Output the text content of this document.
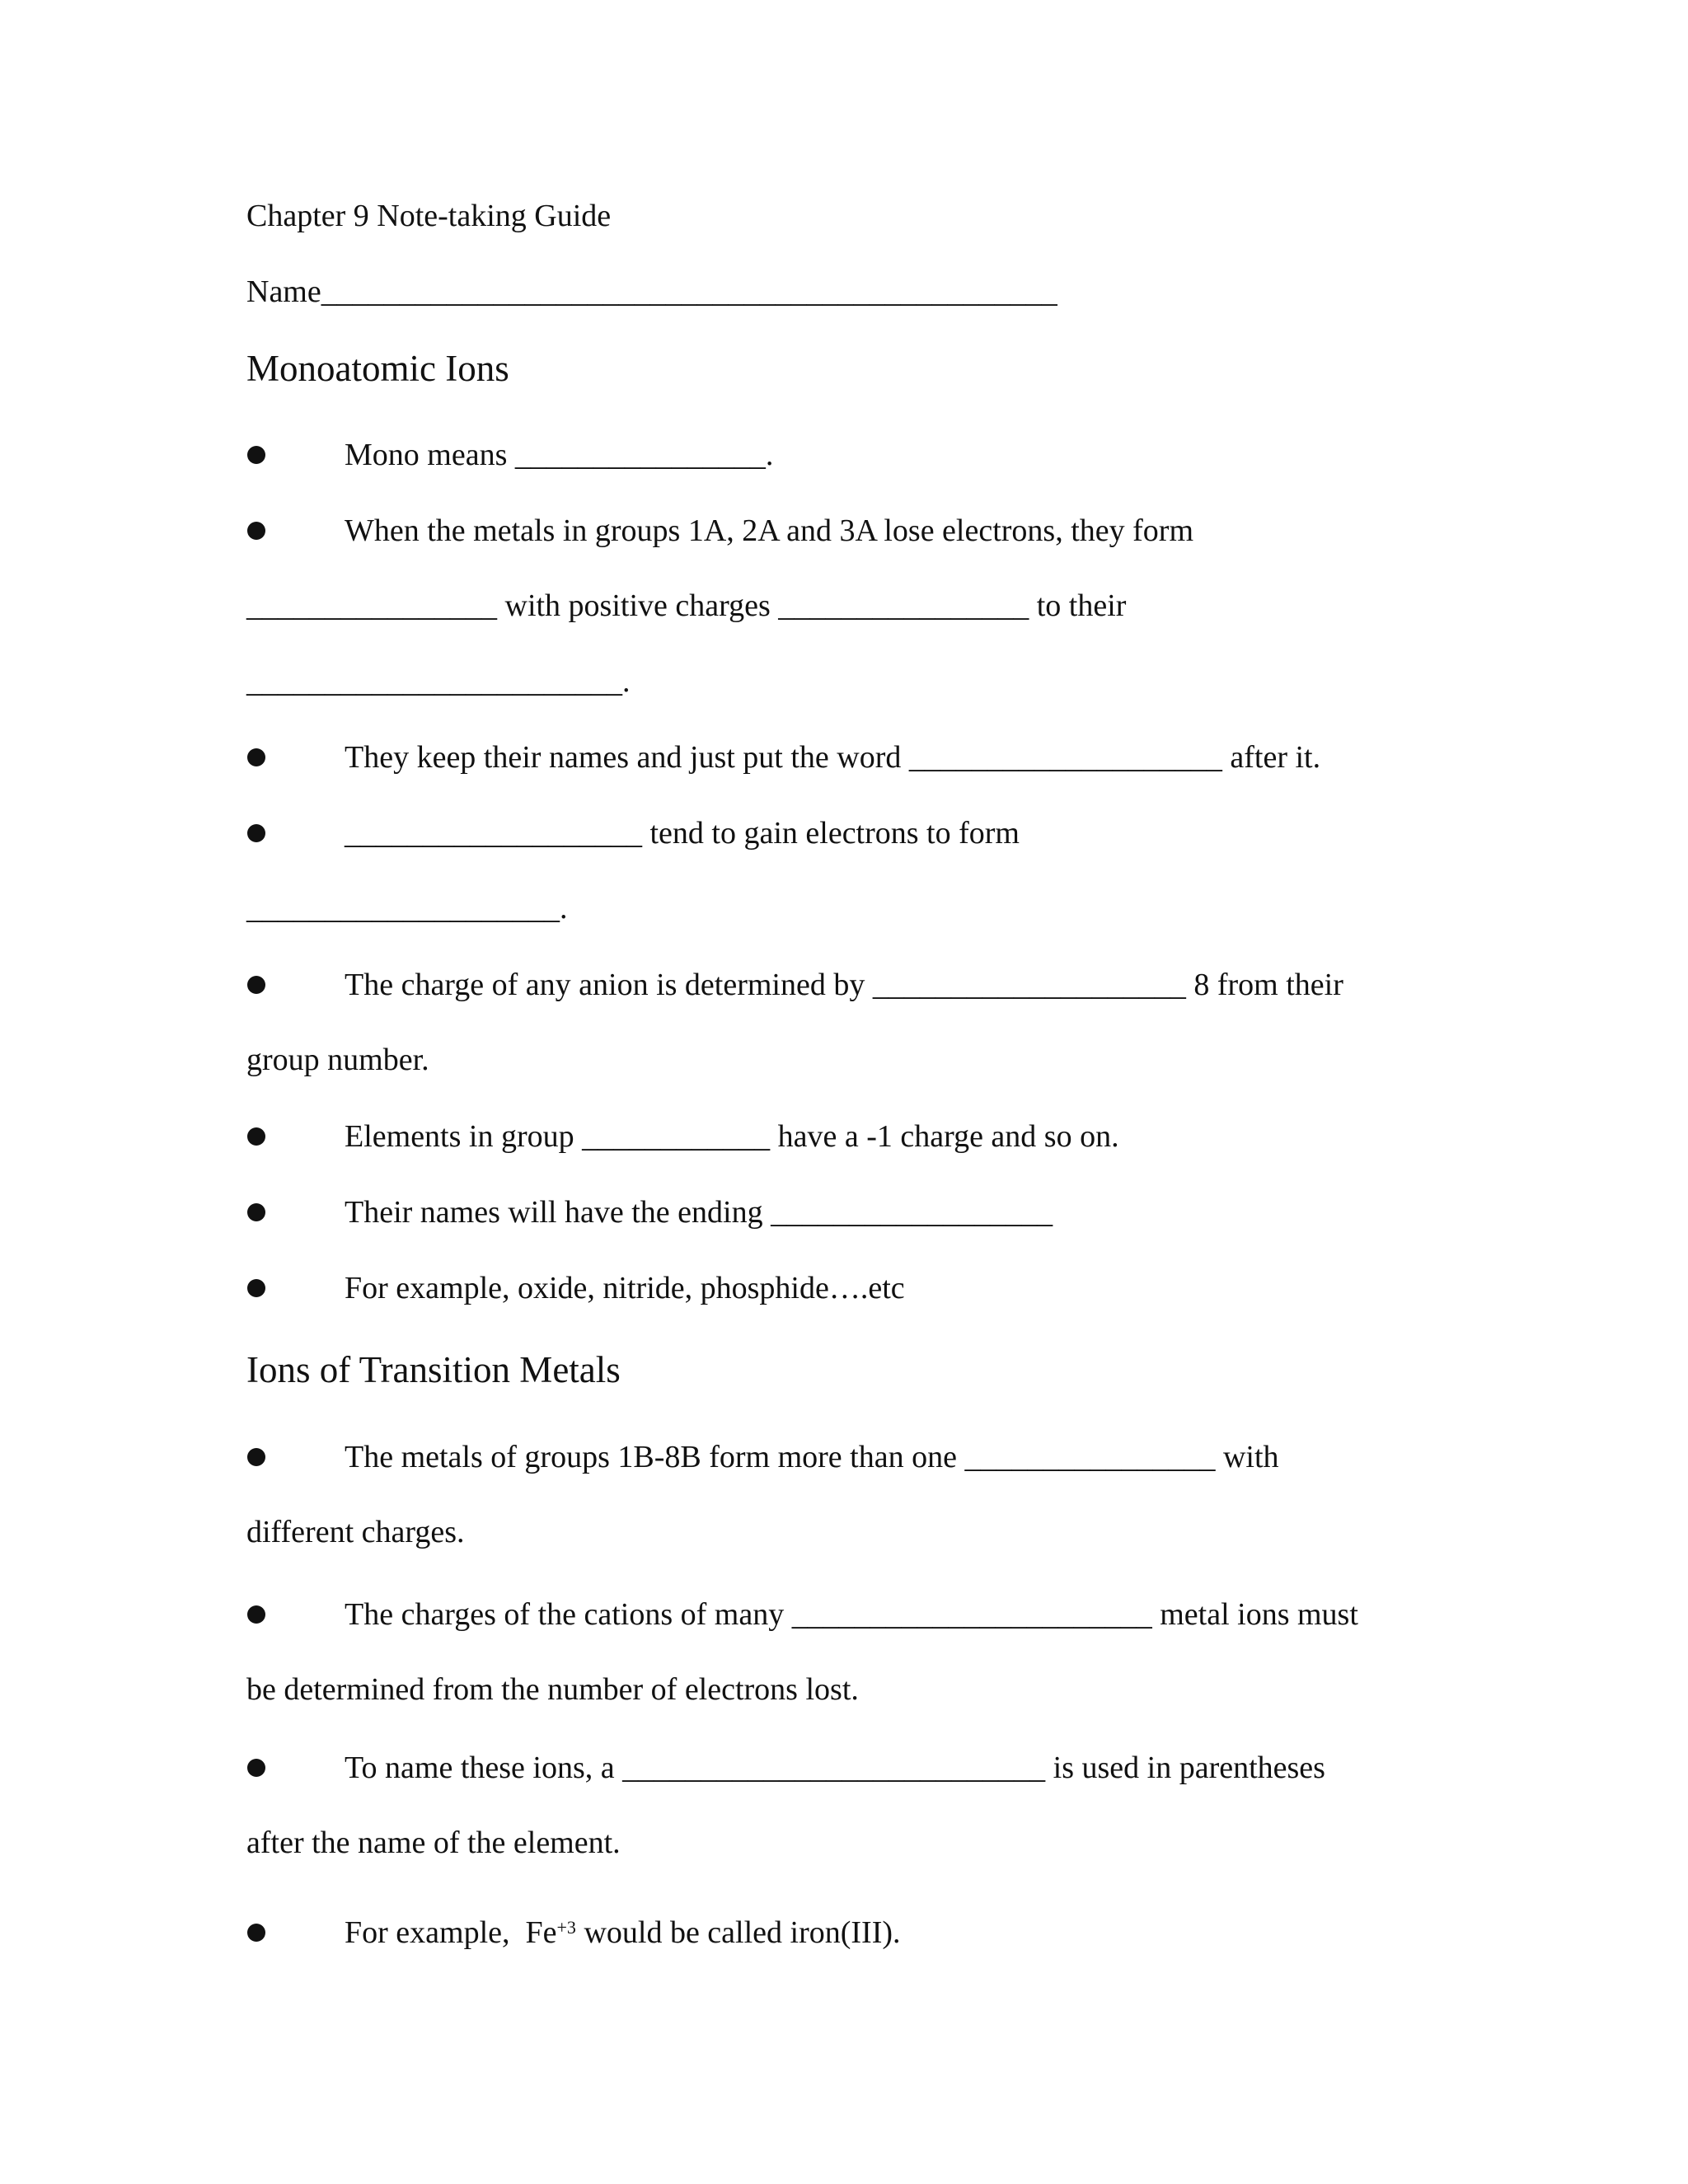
Chapter 9 Note-taking Guide
Name_______________________________________________
Monoatomic Ions
Mono means ________________.
When the metals in groups 1A, 2A and 3A lose electrons, they form
________________ with positive charges ________________ to their
________________________.
They keep their names and just put the word ____________________ after it.
___________________ tend to gain electrons to form
____________________.
The charge of any anion is determined by ____________________ 8 from their
group number.
Elements in group ____________ have a -1 charge and so on.
Their names will have the ending __________________
For example, oxide, nitride, phosphide….etc
Ions of Transition Metals
The metals of groups 1B-8B form more than one ________________ with
different charges.
The charges of the cations of many _______________________ metal ions must
be determined from the number of electrons lost.
To name these ions, a ___________________________ is used in parentheses
after the name of the element.
For example,  $Fe^{+3}$ would be called iron(III).
